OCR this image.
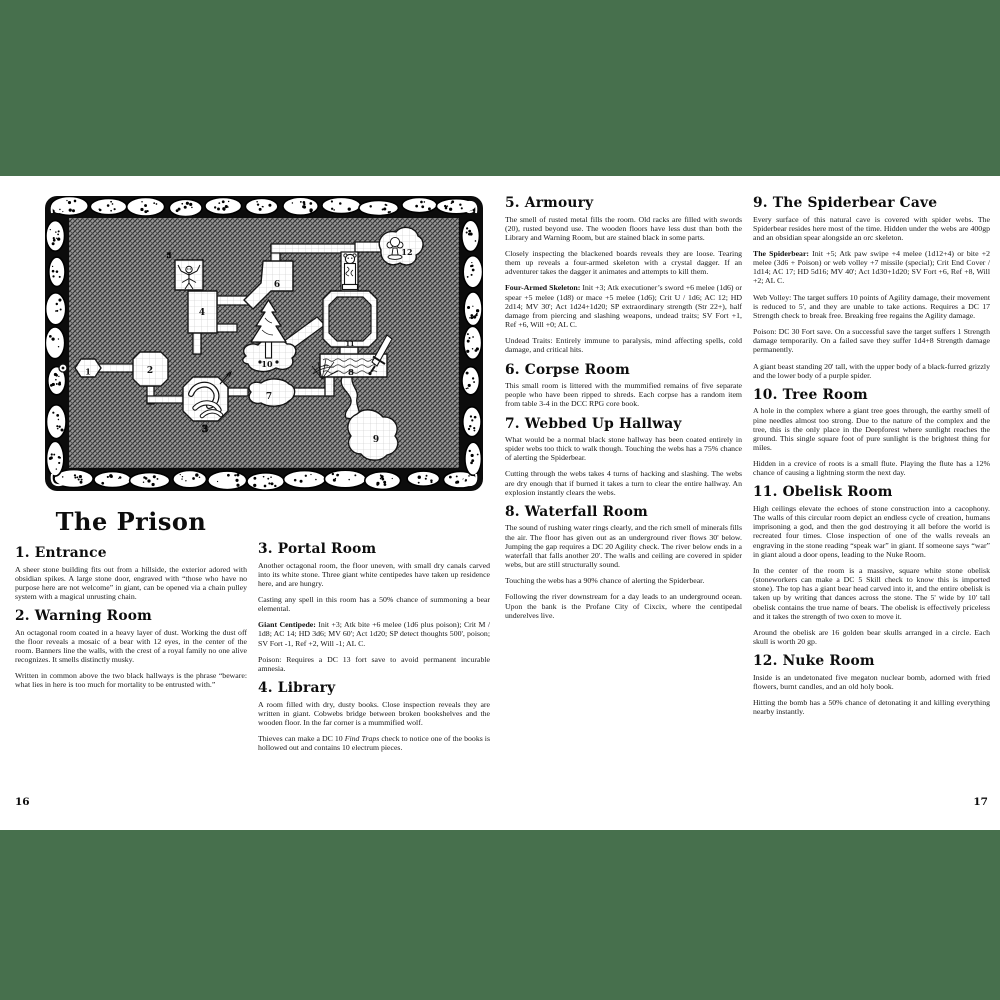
1	2
3
4
5
6
7
8
9
10
11
12
The Prison
1. Entrance

A sheer stone building fits out from a hillside, the exterior adored with obsidian spikes. A large stone door, engraved with “those who have no purpose here are not welcome” in giant, can be opened via a chain pulley system with a magical unrusting chain.

2. Warning Room

An octagonal room coated in a heavy layer of dust. Working the dust off the floor reveals a mosaic of a bear with 12 eyes, in the center of the room. Banners line the walls, with the crest of a royal family no one alive recognizes. It smells distinctly musky.

Written in common above the two black hallways is the phrase “beware: what lies in here is too much for mortality to be entrusted with.”

3. Portal Room

Another octagonal room, the floor uneven, with small dry canals carved into its white stone. Three giant white centipedes have taken up residence here, and are hungry.

Casting any spell in this room has a 50% chance of summoning a bear elemental.

Giant Centipede: Init +3; Atk bite +6 melee (1d6 plus poison); Crit M / 1d8; AC 14; HD 3d6; MV 60'; Act 1d20; SP detect thoughts 500', poison; SV Fort -1, Ref +2, Will -1; AL C.

Poison: Requires a DC 13 fort save to avoid permanent incurable amnesia.

4. Library

A room filled with dry, dusty books. Close inspection reveals they are written in giant. Cobwebs bridge between broken bookshelves and the wooden floor. In the far corner is a mummified wolf.

Thieves can make a DC 10 Find Traps check to notice one of the books is hollowed out and contains 10 electrum pieces.

16
5. Armoury

The smell of rusted metal fills the room. Old racks are filled with swords (20), rusted beyond use. The wooden floors have less dust than both the Library and Warning Room, but are stained black in some parts.

Closely inspecting the blackened boards reveals they are loose. Tearing them up reveals a four-armed skeleton with a crystal dagger. If an adventurer takes the dagger it animates and attempts to kill them.

Four-Armed Skeleton: Init +3; Atk executioner’s sword +6 melee (1d6) or spear +5 melee (1d8) or mace +5 melee (1d6); Crit U / 1d6; AC 12; HD 2d14; MV 30'; Act 1d24+1d20; SP extraordinary strength (Str 22+), half damage from piercing and slashing weapons, undead traits; SV Fort +1, Ref +6, Will +0; AL C.

Undead Traits: Entirely immune to paralysis, mind affecting spells, cold damage, and critical hits.

6. Corpse Room

This small room is littered with the mummified remains of five separate people who have been ripped to shreds. Each corpse has a random item from table 3-4 in the DCC RPG core book.

7. Webbed Up Hallway

What would be a normal black stone hallway has been coated entirely in spider webs too thick to walk though. Touching the webs has a 75% chance of alerting the Spiderbear.

Cutting through the webs takes 4 turns of hacking and slashing. The webs are dry enough that if burned it takes a turn to clear the entire hallway. An explosion instantly clears the webs.

8. Waterfall Room

The sound of rushing water rings clearly, and the rich smell of minerals fills the air. The floor has given out as an underground river flows 30' below. Jumping the gap requires a DC 20 Agility check. The river below ends in a waterfall that falls another 20'. The walls and ceiling are covered in spider webs, but are still structurally sound.

Touching the webs has a 90% chance of alerting the Spiderbear.

Following the river downstream for a day leads to an underground ocean. Upon the bank is the Profane City of Cixcix, where the centipedal underelves live.

9. The Spiderbear Cave

Every surface of this natural cave is covered with spider webs. The Spiderbear resides here most of the time. Hidden under the webs are 400gp and an obsidian spear alongside an orc skeleton.

The Spiderbear: Init +5; Atk paw swipe +4 melee (1d12+4) or bite +2 melee (3d6 + Poison) or web volley +7 missile (special); Crit End Cover / 1d14; AC 17; HD 5d16; MV 40'; Act 1d30+1d20; SV Fort +6, Ref +8, Will +2; AL C.

Web Volley: The target suffers 10 points of Agility damage, their movement is reduced to 5', and they are unable to take actions. Requires a DC 17 Strength check to break free. Breaking free regains the Agility damage.

Poison: DC 30 Fort save. On a successful save the target suffers 1 Strength damage temporarily. On a failed save they suffer 1d4+8 Strength damage permanently.

A giant beast standing 20' tall, with the upper body of a black-furred grizzly and the lower body of a purple spider.

10. Tree Room

A hole in the complex where a giant tree goes through, the earthy smell of pine needles almost too strong. Due to the nature of the complex and the tree, this is the only place in the Deepforest where sunlight reaches the ground. This single square foot of pure sunlight is the brightest thing for miles.

Hidden in a crevice of roots is a small flute. Playing the flute has a 12% chance of causing a lightning storm the next day.

11. Obelisk Room

High ceilings elevate the echoes of stone construction into a cacophony. The walls of this circular room depict an endless cycle of creation, humans imprisoning a god, and then the god destroying it all before the world is recreated four times. Close inspection of one of the walls reveals an engraving in the stone reading “speak war” in giant. If someone says “war” in giant aloud a door opens, leading to the Nuke Room.

In the center of the room is a massive, square white stone obelisk (stoneworkers can make a DC 5 Skill check to know this is imported stone). The top has a giant bear head carved into it, and the entire obelisk is taken up by writing that dances across the stone. The 5' wide by 10' tall obelisk contains the true name of bears. The obelisk is effectively priceless and it takes the strength of two oxen to move it.

Around the obelisk are 16 golden bear skulls arranged in a circle. Each skull is worth 20 gp.

12. Nuke Room

Inside is an undetonated five megaton nuclear bomb, adorned with fried flowers, burnt candles, and an old holy book.

Hitting the bomb has a 50% chance of detonating it and killing everything nearby instantly.

17
